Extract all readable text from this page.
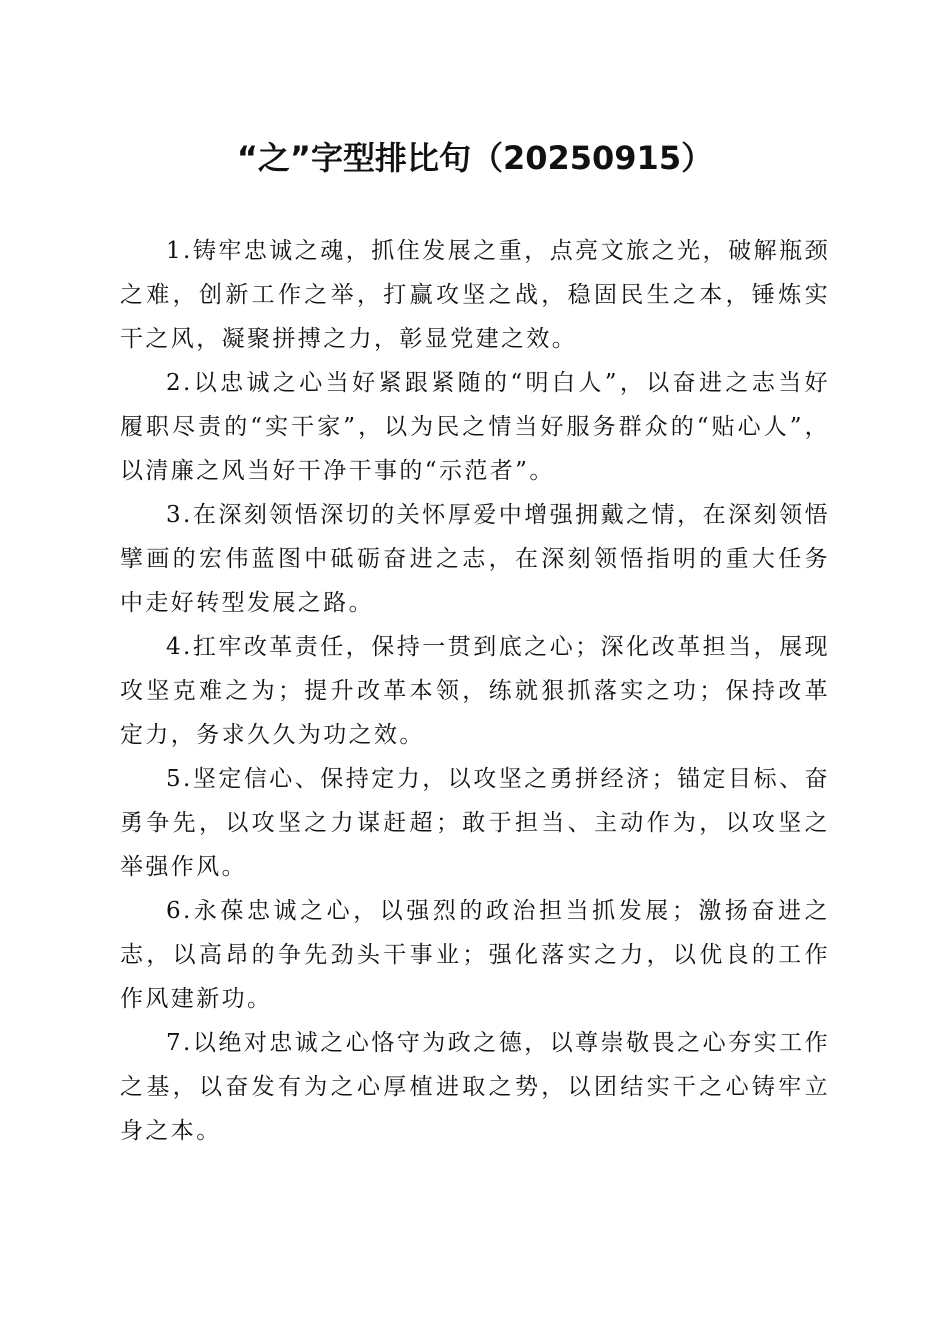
“之”字型排比句（20250915）

1.铸牢忠诚之魂，抓住发展之重，点亮文旅之光，破解瓶颈之难，创新工作之举，打赢攻坚之战，稳固民生之本，锤炼实干之风，凝聚拼搏之力，彰显党建之效。

2.以忠诚之心当好紧跟紧随的“明白人”，以奋进之志当好履职尽责的“实干家”，以为民之情当好服务群众的“贴心人”，以清廉之风当好干净干事的“示范者”。

3.在深刻领悟深切的关怀厚爱中增强拥戴之情，在深刻领悟擘画的宏伟蓝图中砥砺奋进之志，在深刻领悟指明的重大任务中走好转型发展之路。

4.扛牢改革责任，保持一贯到底之心；深化改革担当，展现攻坚克难之为；提升改革本领，练就狠抓落实之功；保持改革定力，务求久久为功之效。

5.坚定信心、保持定力，以攻坚之勇拼经济；锚定目标、奋勇争先，以攻坚之力谋赶超；敢于担当、主动作为，以攻坚之举强作风。

6.永葆忠诚之心，以强烈的政治担当抓发展；激扬奋进之志，以高昂的争先劲头干事业；强化落实之力，以优良的工作作风建新功。

7.以绝对忠诚之心恪守为政之德，以尊崇敬畏之心夯实工作之基，以奋发有为之心厚植进取之势，以团结实干之心铸牢立身之本。
